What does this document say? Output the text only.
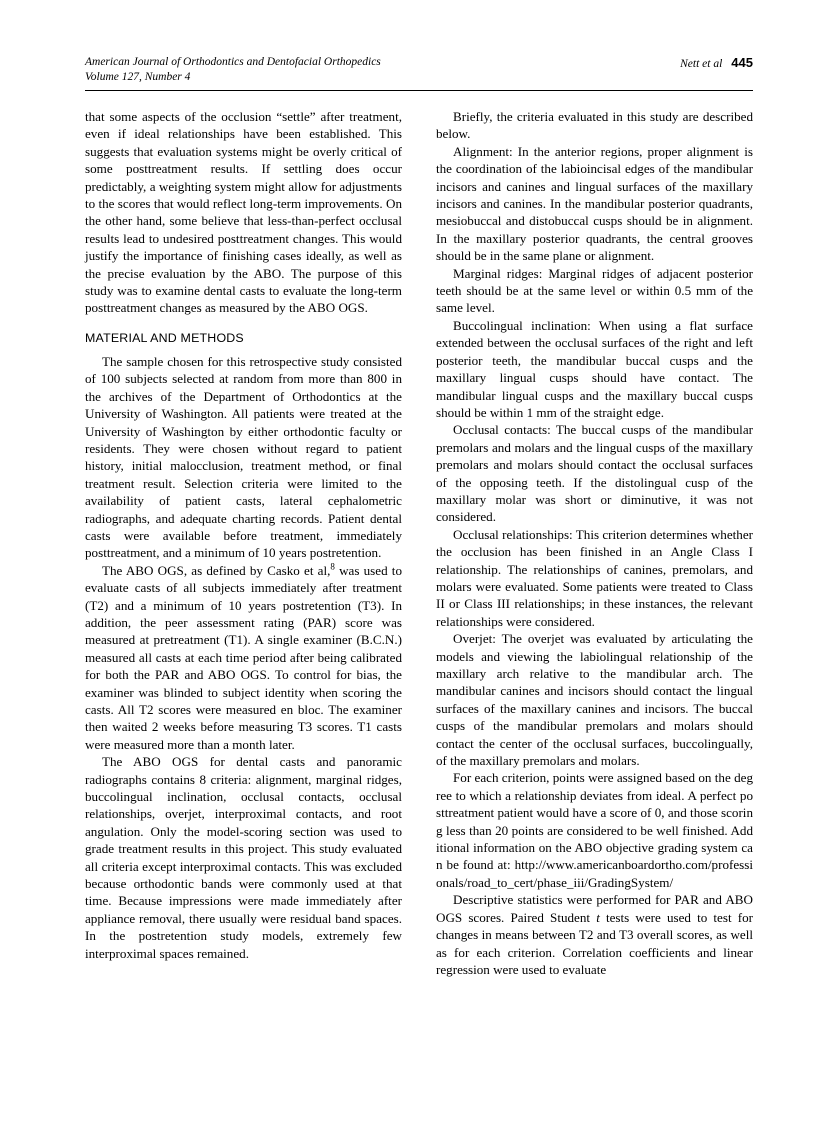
American Journal of Orthodontics and Dentofacial Orthopedics
Volume 127, Number 4
Nett et al 445

that some aspects of the occlusion “settle” after treatment, even if ideal relationships have been established. This suggests that evaluation systems might be overly critical of some posttreatment results. If settling does occur predictably, a weighting system might allow for adjustments to the scores that would reflect long-term improvements. On the other hand, some believe that less-than-perfect occlusal results lead to undesired posttreatment changes. This would justify the importance of finishing cases ideally, as well as the precise evaluation by the ABO. The purpose of this study was to examine dental casts to evaluate the long-term posttreatment changes as measured by the ABO OGS.

MATERIAL AND METHODS

The sample chosen for this retrospective study consisted of 100 subjects selected at random from more than 800 in the archives of the Department of Orthodontics at the University of Washington. All patients were treated at the University of Washington by either orthodontic faculty or residents. They were chosen without regard to patient history, initial malocclusion, treatment method, or final treatment result. Selection criteria were limited to the availability of patient casts, lateral cephalometric radiographs, and adequate charting records. Patient dental casts were available before treatment, immediately posttreatment, and a minimum of 10 years postretention.

The ABO OGS, as defined by Casko et al,$^8$ was used to evaluate casts of all subjects immediately after treatment (T2) and a minimum of 10 years postretention (T3). In addition, the peer assessment rating (PAR) score was measured at pretreatment (T1). A single examiner (B.C.N.) measured all casts at each time period after being calibrated for both the PAR and ABO OGS. To control for bias, the examiner was blinded to subject identity when scoring the casts. All T2 scores were measured en bloc. The examiner then waited 2 weeks before measuring T3 scores. T1 casts were measured more than a month later.

The ABO OGS for dental casts and panoramic radiographs contains 8 criteria: alignment, marginal ridges, buccolingual inclination, occlusal contacts, occlusal relationships, overjet, interproximal contacts, and root angulation. Only the model-scoring section was used to grade treatment results in this project. This study evaluated all criteria except interproximal contacts. This was excluded because orthodontic bands were commonly used at that time. Because impressions were made immediately after appliance removal, there usually were residual band spaces. In the postretention study models, extremely few interproximal spaces remained.

Briefly, the criteria evaluated in this study are described below.

Alignment: In the anterior regions, proper alignment is the coordination of the labioincisal edges of the mandibular incisors and canines and lingual surfaces of the maxillary incisors and canines. In the mandibular posterior quadrants, mesiobuccal and distobuccal cusps should be in alignment. In the maxillary posterior quadrants, the central grooves should be in the same plane or alignment.

Marginal ridges: Marginal ridges of adjacent posterior teeth should be at the same level or within 0.5 mm of the same level.

Buccolingual inclination: When using a flat surface extended between the occlusal surfaces of the right and left posterior teeth, the mandibular buccal cusps and the maxillary lingual cusps should have contact. The mandibular lingual cusps and the maxillary buccal cusps should be within 1 mm of the straight edge.

Occlusal contacts: The buccal cusps of the mandibular premolars and molars and the lingual cusps of the maxillary premolars and molars should contact the occlusal surfaces of the opposing teeth. If the distolingual cusp of the maxillary molar was short or diminutive, it was not considered.

Occlusal relationships: This criterion determines whether the occlusion has been finished in an Angle Class I relationship. The relationships of canines, premolars, and molars were evaluated. Some patients were treated to Class II or Class III relationships; in these instances, the relevant relationships were considered.

Overjet: The overjet was evaluated by articulating the models and viewing the labiolingual relationship of the maxillary arch relative to the mandibular arch. The mandibular canines and incisors should contact the lingual surfaces of the maxillary canines and incisors. The buccal cusps of the mandibular premolars and molars should contact the center of the occlusal surfaces, buccolingually, of the maxillary premolars and molars.

For each criterion, points were assigned based on the degree to which a relationship deviates from ideal. A perfect posttreatment patient would have a score of 0, and those scoring less than 20 points are considered to be well finished. Additional information on the ABO objective grading system can be found at: http://www.americanboardortho.com/professionals/road_to_cert/phase_iii/GradingSystem/

Descriptive statistics were performed for PAR and ABO OGS scores. Paired Student t tests were used to test for changes in means between T2 and T3 overall scores, as well as for each criterion. Correlation coefficients and linear regression were used to evaluate
